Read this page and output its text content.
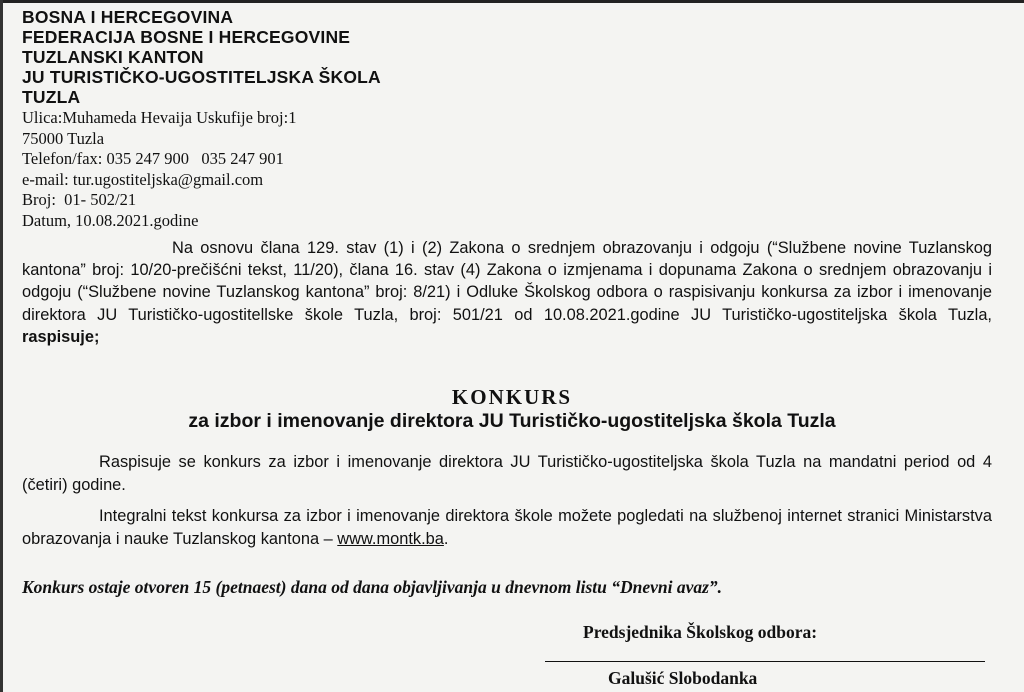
BOSNA I HERCEGOVINA

FEDERACIJA BOSNE I HERCEGOVINE

TUZLANSKI KANTON

JU TURISTIČKO-UGOSTITELJSKA ŠKOLA

TUZLA

Ulica:Muhameda Hevaija Uskufije broj:1

75000 Tuzla

Telefon/fax: 035 247 900   035 247 901

e-mail: tur.ugostiteljska@gmail.com

Broj:  01- 502/21

Datum, 10.08.2021.godine

Na osnovu člana 129. stav (1) i (2) Zakona o srednjem obrazovanju i odgoju (“Službene novine Tuzlanskog kantona” broj: 10/20-prečišćni tekst, 11/20), člana 16. stav (4) Zakona o izmjenama i dopunama Zakona o srednjem obrazovanju i odgoju (“Službene novine Tuzlanskog kantona” broj: 8/21) i Odluke Školskog odbora o raspisivanju konkursa za izbor i imenovanje direktora JU Turističko-ugostitellske škole Tuzla, broj: 501/21 od 10.08.2021.godine JU Turističko-ugostiteljska škola Tuzla, raspisuje;
KONKURS
za izbor i imenovanje direktora JU Turističko-ugostiteljska škola Tuzla

Raspisuje se konkurs za izbor i imenovanje direktora JU Turističko-ugostiteljska škola Tuzla na mandatni period od 4 (četiri) godine.

Integralni tekst konkursa za izbor i imenovanje direktora škole možete pogledati na službenoj internet stranici Ministarstva obrazovanja i nauke Tuzlanskog kantona – www.montk.ba.

Konkurs ostaje otvoren 15 (petnaest) dana od dana objavljivanja u dnevnom listu “Dnevni avaz”.

Predsjednika Školskog odbora:

Galušić Slobodanka
